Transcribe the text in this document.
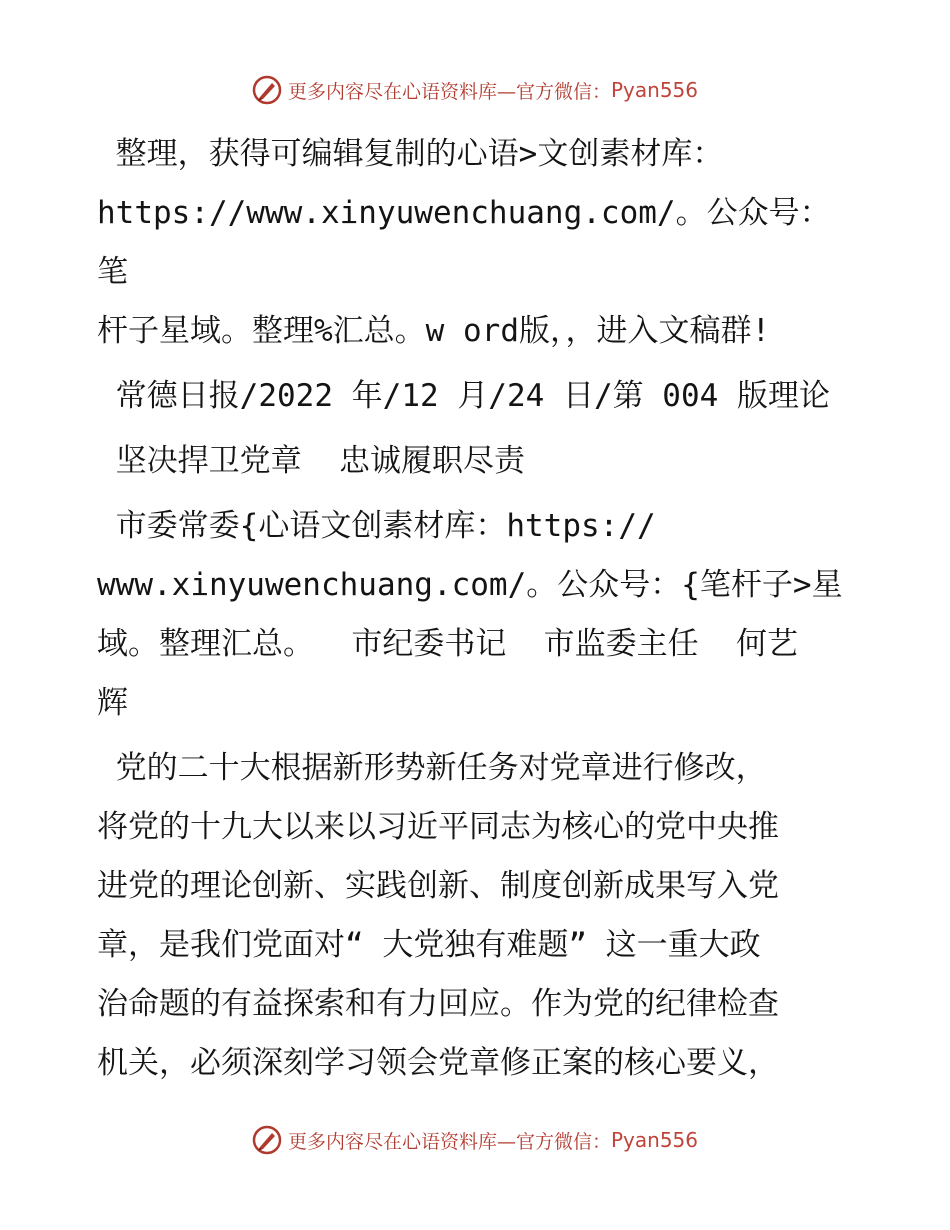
更多内容尽在心语资料库—官方微信： Pyan556

整理，获得可编辑复制的心语>文创素材库：
https://www.xinyuwenchuang.com/。公众号：笔
杆子星域。整理%汇总。w ord版，，进入文稿群!

常德日报/2022 年/12 月/24 日/第 004 版理论

坚决捍卫党章  忠诚履职尽责

市委常委{心语文创素材库：https://
www.xinyuwenchuang.com/。公众号：{笔杆子>星
域。整理汇总。  市纪委书记  市监委主任  何艺
辉

党的二十大根据新形势新任务对党章进行修改，
将党的十九大以来以习近平同志为核心的党中央推
进党的理论创新、实践创新、制度创新成果写入党
章，是我们党面对“ 大党独有难题” 这一重大政
治命题的有益探索和有力回应。作为党的纪律检查
机关，必须深刻学习领会党章修正案的核心要义，

更多内容尽在心语资料库—官方微信： Pyan556
